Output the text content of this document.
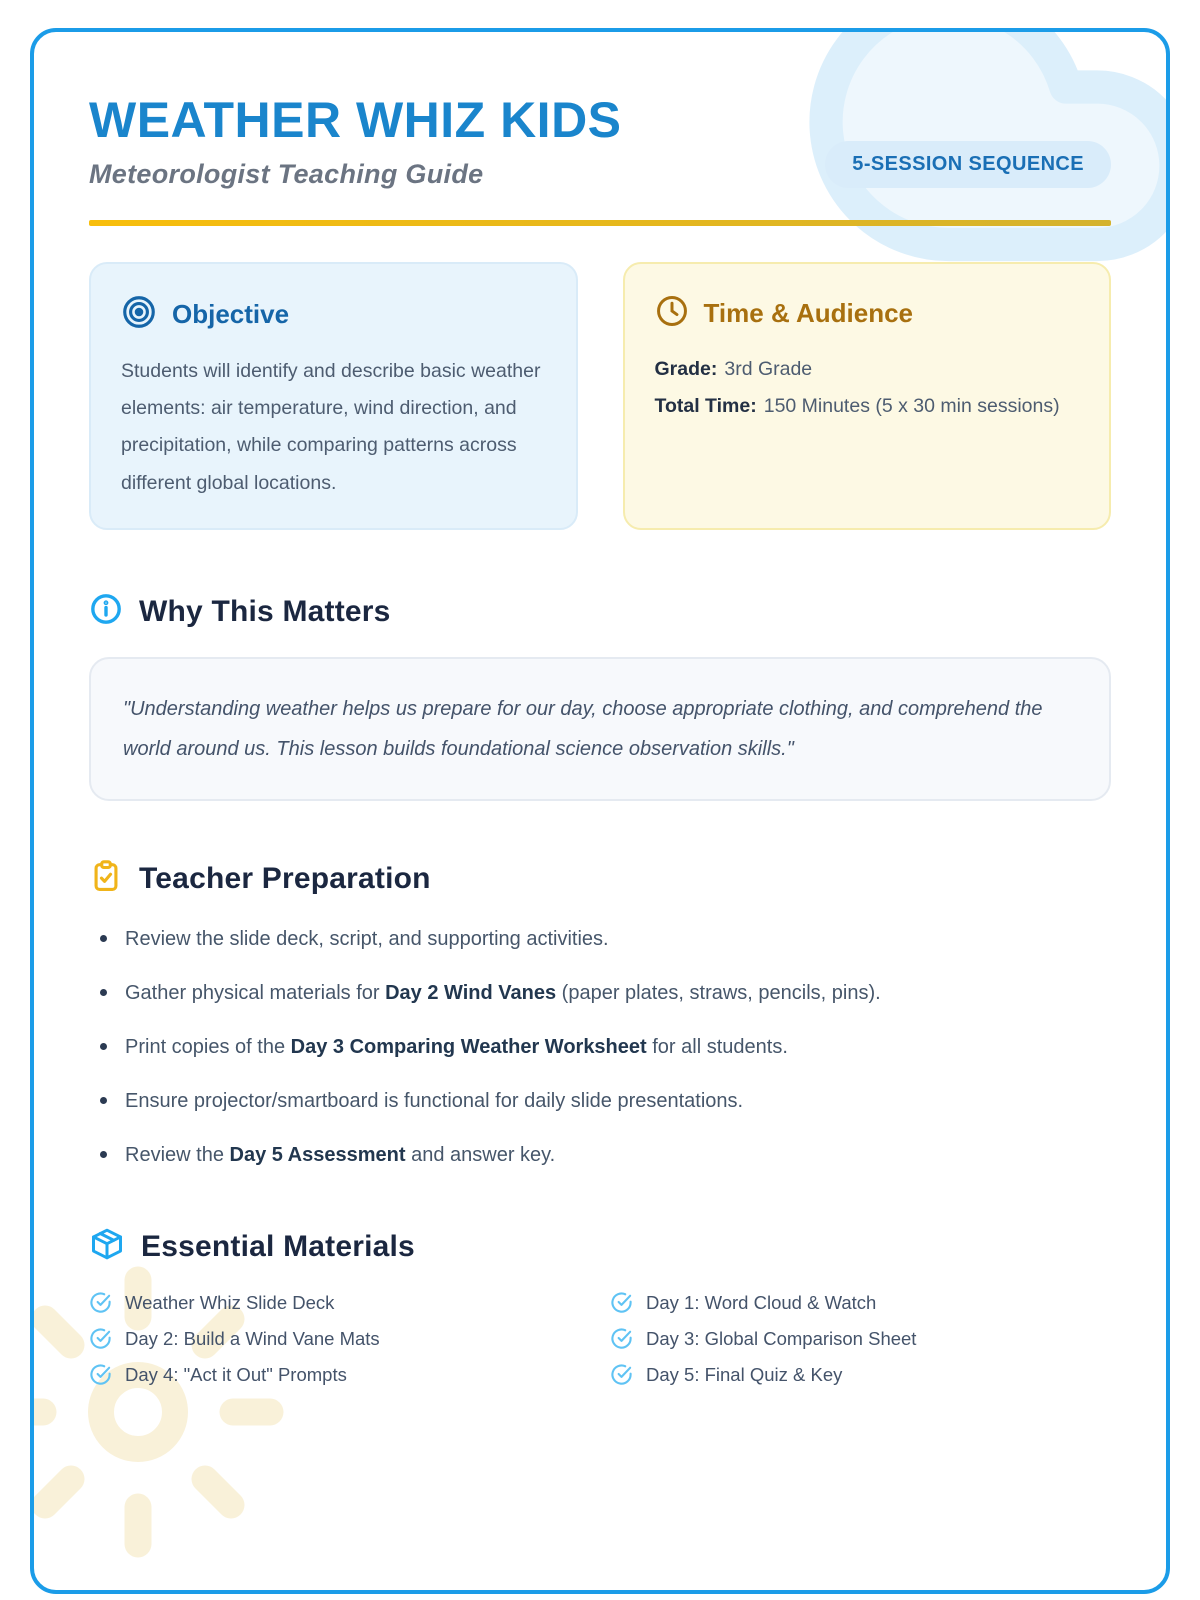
WEATHER WHIZ KIDS
Meteorologist Teaching Guide	5-SESSION SEQUENCE
Objective

Students will identify and describe basic weather elements: air temperature, wind direction, and precipitation, while comparing patterns across different global locations.

Time & Audience

Grade: 3rd Grade

Total Time: 150 Minutes (5 x 30 min sessions)

Why This Matters
"Understanding weather helps us prepare for our day, choose appropriate clothing, and comprehend the world around us. This lesson builds foundational science observation skills."
Teacher Preparation
Review the slide deck, script, and supporting activities.
Gather physical materials for Day 2 Wind Vanes (paper plates, straws, pencils, pins).
Print copies of the Day 3 Comparing Weather Worksheet for all students.
Ensure projector/smartboard is functional for daily slide presentations.
Review the Day 5 Assessment and answer key.
Essential Materials
Weather Whiz Slide Deck
Day 2: Build a Wind Vane Mats
Day 4: "Act it Out" Prompts
Day 1: Word Cloud & Watch
Day 3: Global Comparison Sheet
Day 5: Final Quiz & Key
